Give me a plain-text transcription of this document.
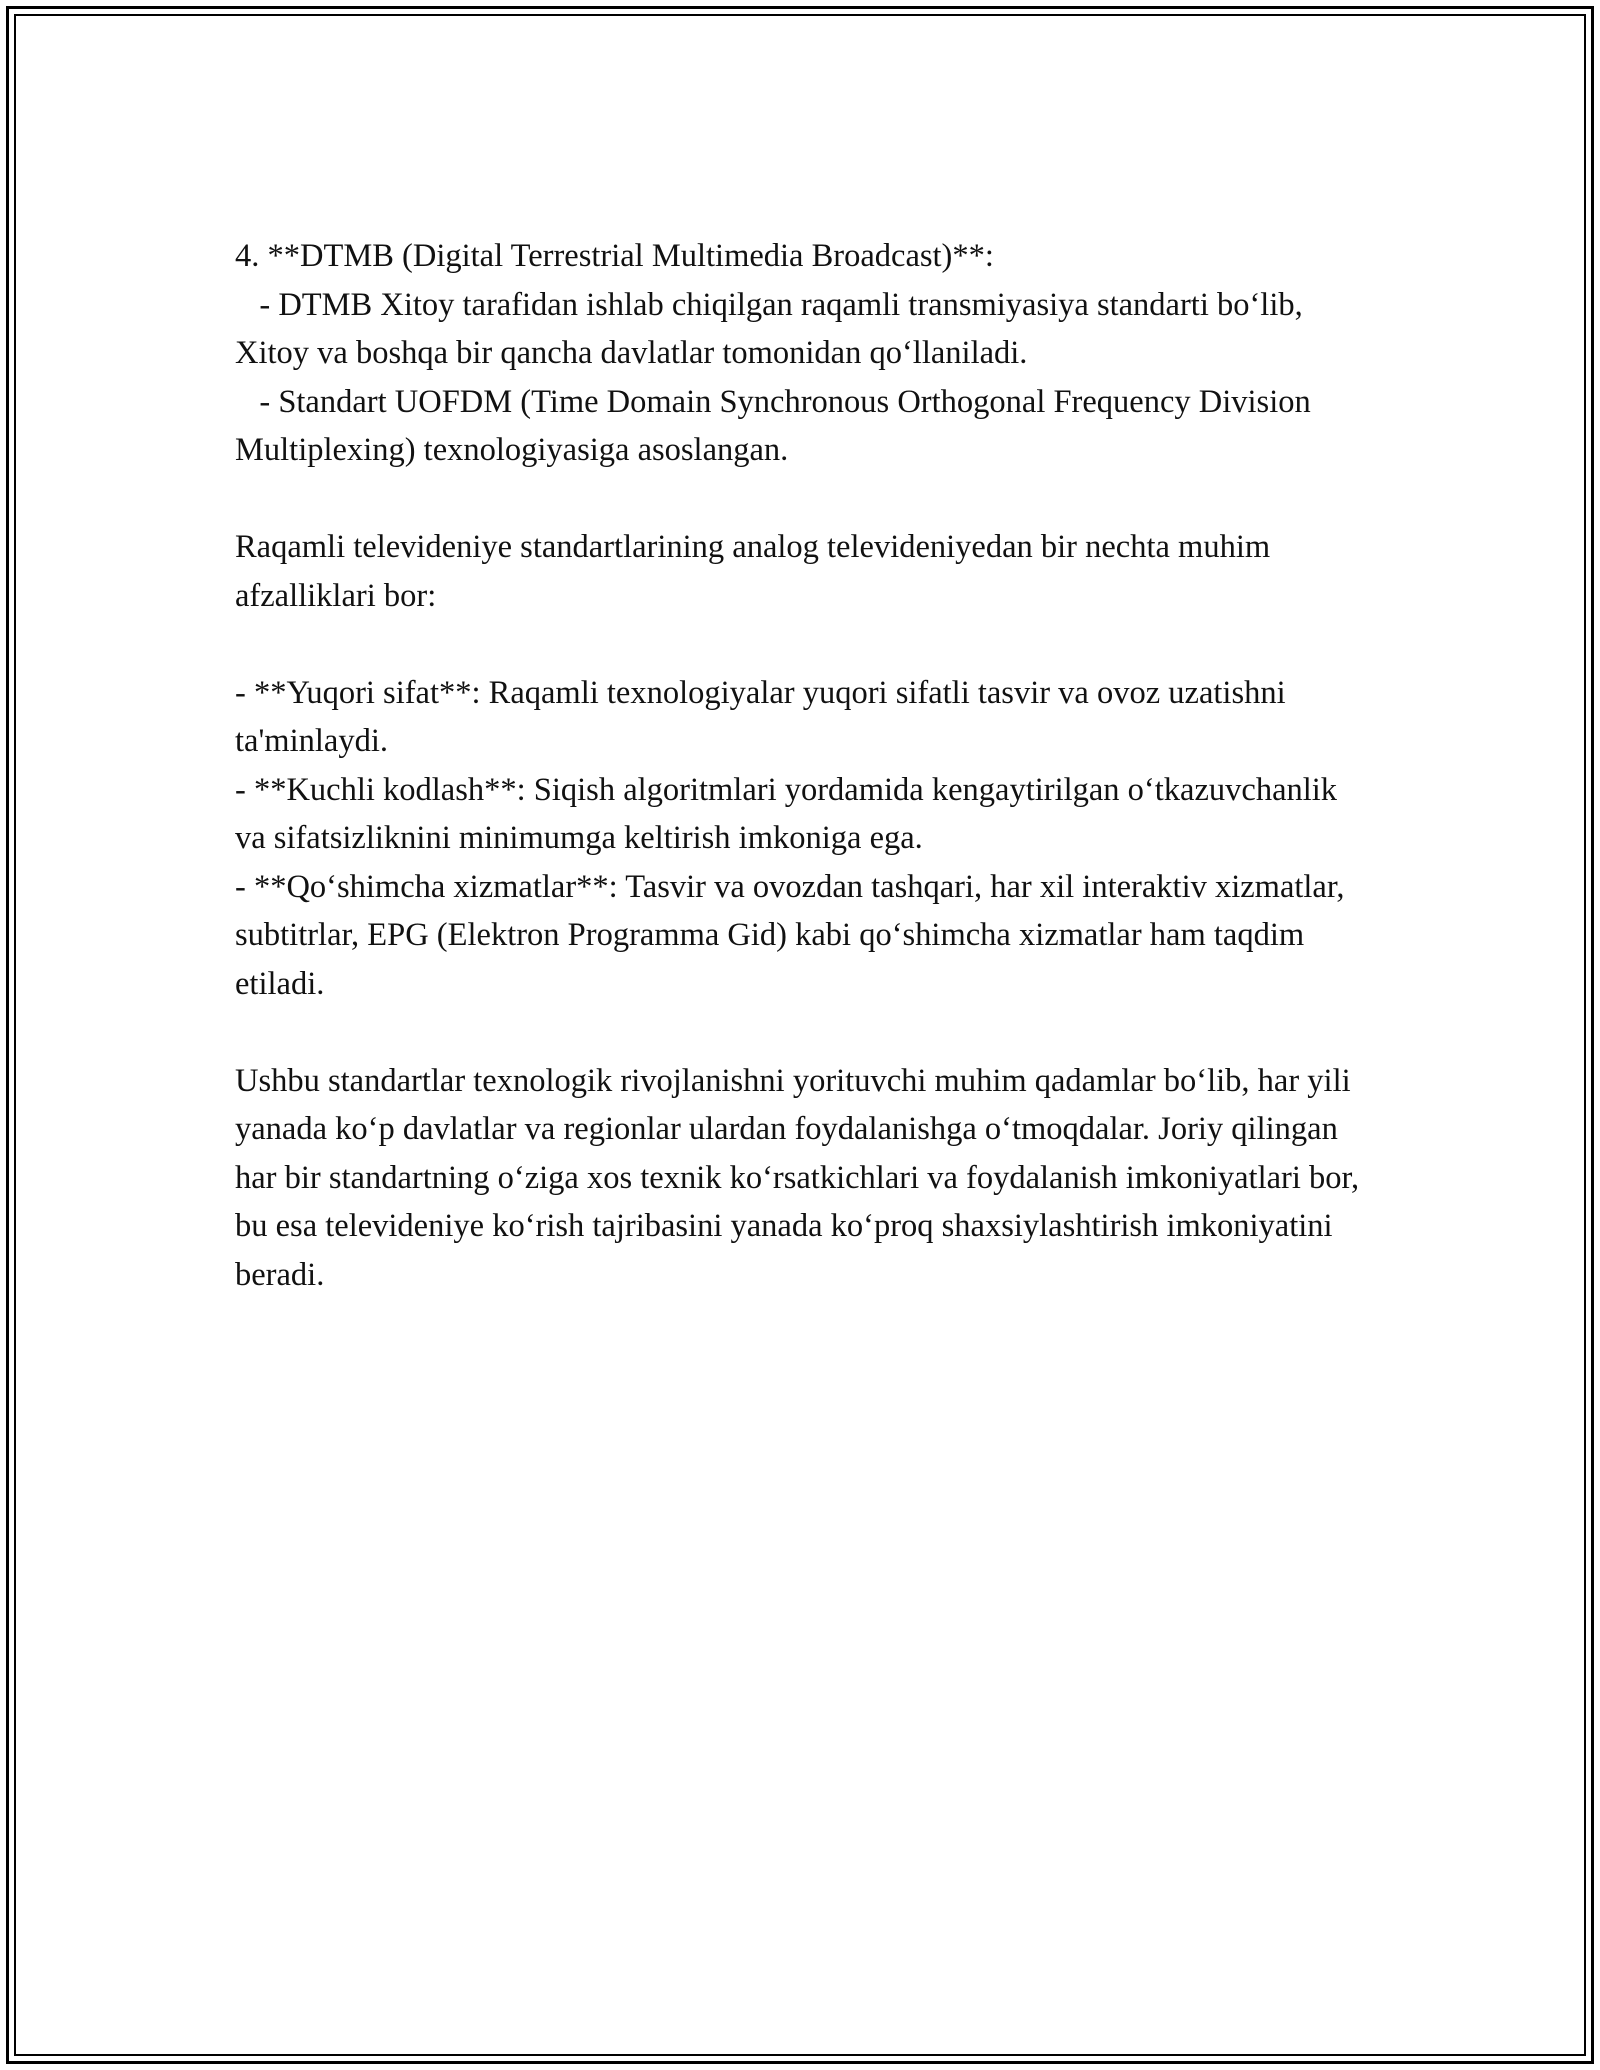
4. **DTMB (Digital Terrestrial Multimedia Broadcast)**:

- DTMB Xitoy tarafidan ishlab chiqilgan raqamli transmiyasiya standarti bo‘lib, Xitoy va boshqa bir qancha davlatlar tomonidan qo‘llaniladi.

- Standart UOFDM (Time Domain Synchronous Orthogonal Frequency Division Multiplexing) texnologiyasiga asoslangan.

Raqamli televideniye standartlarining analog televideniyedan bir nechta muhim afzalliklari bor:

- **Yuqori sifat**: Raqamli texnologiyalar yuqori sifatli tasvir va ovoz uzatishni ta'minlaydi.

- **Kuchli kodlash**: Siqish algoritmlari yordamida kengaytirilgan o‘tkazuvchanlik va sifatsizliknini minimumga keltirish imkoniga ega.

- **Qo‘shimcha xizmatlar**: Tasvir va ovozdan tashqari, har xil interaktiv xizmatlar, subtitrlar, EPG (Elektron Programma Gid) kabi qo‘shimcha xizmatlar ham taqdim etiladi.

Ushbu standartlar texnologik rivojlanishni yorituvchi muhim qadamlar bo‘lib, har yili yanada ko‘p davlatlar va regionlar ulardan foydalanishga o‘tmoqdalar. Joriy qilingan har bir standartning o‘ziga xos texnik ko‘rsatkichlari va foydalanish imkoniyatlari bor, bu esa televideniye ko‘rish tajribasini yanada ko‘proq shaxsiylashtirish imkoniyatini beradi.
